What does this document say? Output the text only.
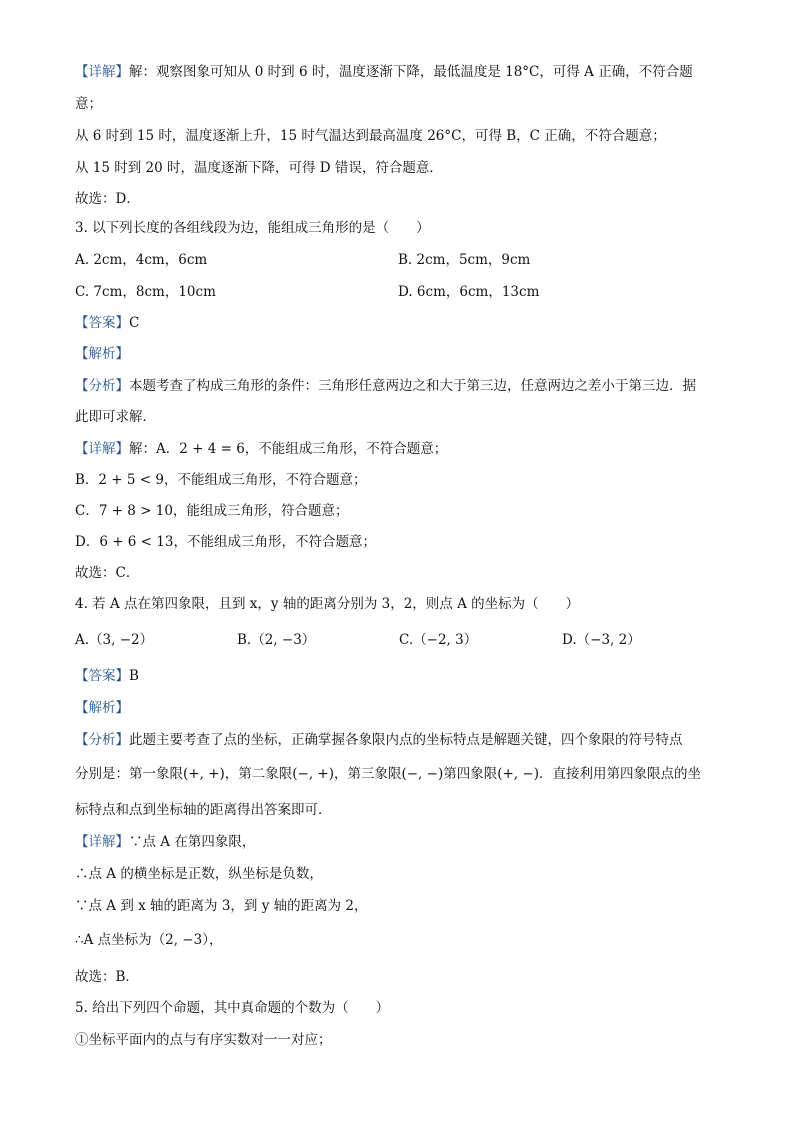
【详解】解：观察图象可知从 0 时到 6 时，温度逐渐下降，最低温度是 18°C，可得 A 正确，不符合题
意；
从 6 时到 15 时，温度逐渐上升，15 时气温达到最高温度 26°C，可得 B，C 正确，不符合题意；
从 15 时到 20 时，温度逐渐下降，可得 D 错误，符合题意．
故选：D．
3. 以下列长度的各组线段为边，能组成三角形的是（　　）
A. 2cm，4cm，6cm	B. 2cm，5cm，9cm
C. 7cm，8cm，10cm	D. 6cm，6cm，13cm
【答案】C
【解析】
【分析】本题考查了构成三角形的条件：三角形任意两边之和大于第三边，任意两边之差小于第三边．据
此即可求解．
【详解】解：A．2 + 4 = 6，不能组成三角形，不符合题意；
B．2 + 5 < 9，不能组成三角形，不符合题意；
C．7 + 8 > 10，能组成三角形，符合题意；
D．6 + 6 < 13，不能组成三角形，不符合题意；
故选：C．
4. 若 A 点在第四象限，且到 x，y 轴的距离分别为 3，2，则点 A 的坐标为（　　）
A.（3, −2）	B.（2, −3）	C.（−2, 3）	D.（−3, 2）
【答案】B
【解析】
【分析】此题主要考查了点的坐标，正确掌握各象限内点的坐标特点是解题关键，四个象限的符号特点
分别是：第一象限(+, +)，第二象限(−, +)，第三象限(−, −)第四象限(+, −)．直接利用第四象限点的坐
标特点和点到坐标轴的距离得出答案即可．
【详解】∵点 A 在第四象限，
∴点 A 的横坐标是正数，纵坐标是负数，
∵点 A 到 x 轴的距离为 3，到 y 轴的距离为 2，
∴A 点坐标为（2, −3），
故选：B．
5. 给出下列四个命题，其中真命题的个数为（　　）
①坐标平面内的点与有序实数对一一对应；
